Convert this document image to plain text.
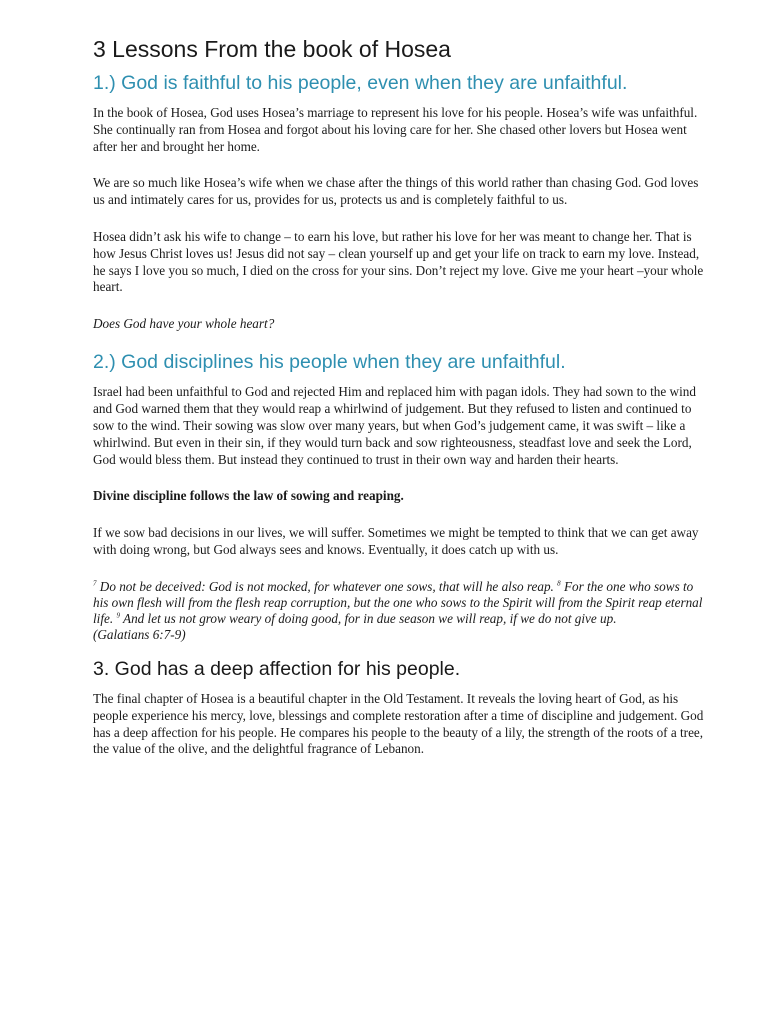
3 Lessons From the book of Hosea
1.) God is faithful to his people, even when they are unfaithful.

In the book of Hosea, God uses Hosea’s marriage to represent his love for his people. Hosea’s wife was unfaithful. She continually ran from Hosea and forgot about his loving care for her. She chased other lovers but Hosea went after her and brought her home.

We are so much like Hosea’s wife when we chase after the things of this world rather than chasing God. God loves us and intimately cares for us, provides for us, protects us and is completely faithful to us.

Hosea didn’t ask his wife to change – to earn his love, but rather his love for her was meant to change her. That is how Jesus Christ loves us! Jesus did not say – clean yourself up and get your life on track to earn my love. Instead, he says I love you so much, I died on the cross for your sins. Don’t reject my love. Give me your heart –your whole heart.

Does God have your whole heart?

2.) God disciplines his people when they are unfaithful.

Israel had been unfaithful to God and rejected Him and replaced him with pagan idols. They had sown to the wind and God warned them that they would reap a whirlwind of judgement. But they refused to listen and continued to sow to the wind. Their sowing was slow over many years, but when God’s judgement came, it was swift – like a whirlwind. But even in their sin, if they would turn back and sow righteousness, steadfast love and seek the Lord, God would bless them. But instead they continued to trust in their own way and harden their hearts.

Divine discipline follows the law of sowing and reaping.

If we sow bad decisions in our lives, we will suffer. Sometimes we might be tempted to think that we can get away with doing wrong, but God always sees and knows. Eventually, it does catch up with us.

$^7$ Do not be deceived: God is not mocked, for whatever one sows, that will he also reap. $^8$ For the one who sows to his own flesh will from the flesh reap corruption, but the one who sows to the Spirit will from the Spirit reap eternal life. $^9$ And let us not grow weary of doing good, for in due season we will reap, if we do not give up.
(Galatians 6:7-9)

3. God has a deep affection for his people.

The final chapter of Hosea is a beautiful chapter in the Old Testament. It reveals the loving heart of God, as his people experience his mercy, love, blessings and complete restoration after a time of discipline and judgement. God has a deep affection for his people. He compares his people to the beauty of a lily, the strength of the roots of a tree, the value of the olive, and the delightful fragrance of Lebanon.
